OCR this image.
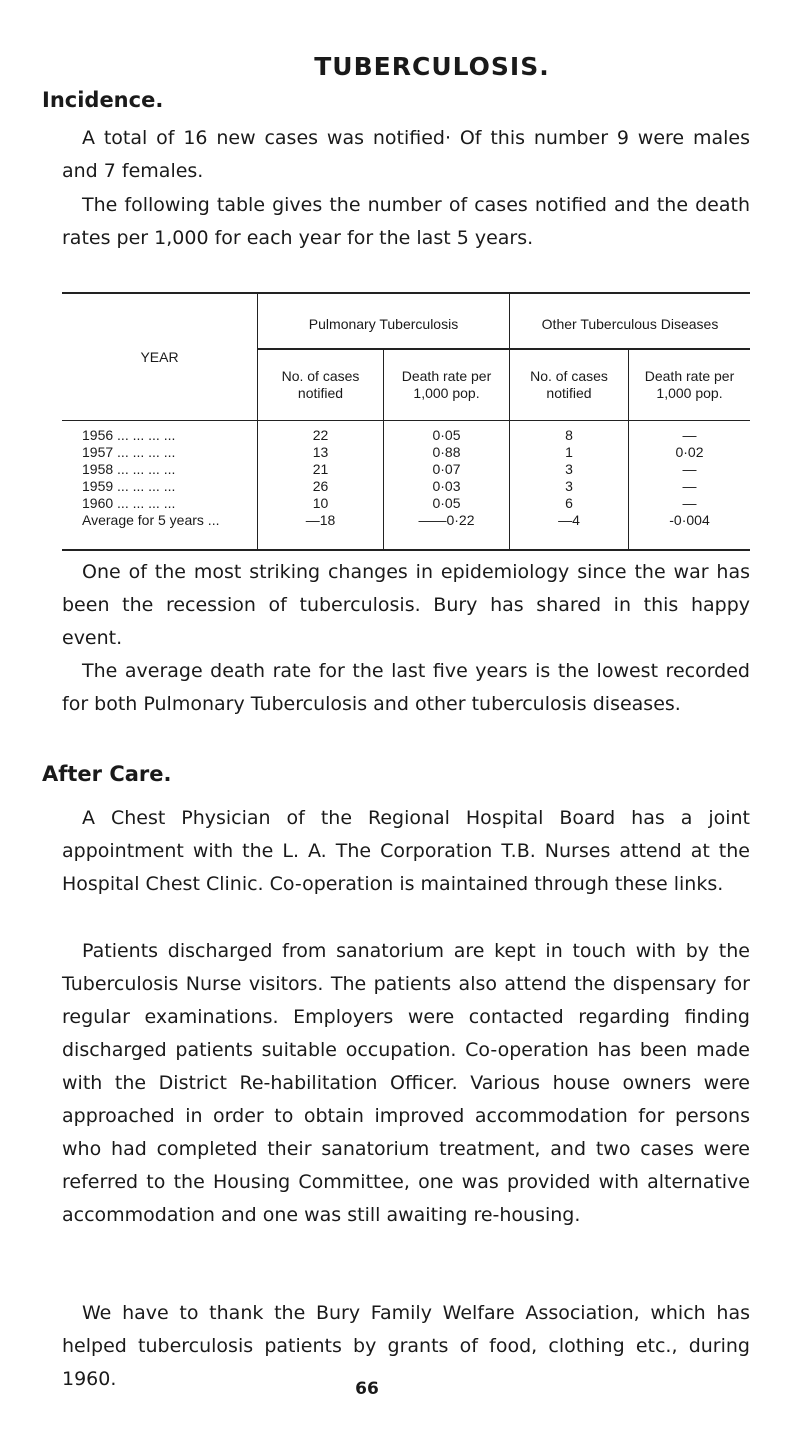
TUBERCULOSIS.
Incidence.

A total of 16 new cases was notified· Of this number 9 were males and 7 females.

The following table gives the number of cases notified and the death rates per 1,000 for each year for the last 5 years.

YEAR	Pulmonary Tuberculosis		Other Tuberculous Diseases	
	No. of cases notified	Death rate per 1,000 pop.	No. of cases notified	Death rate per 1,000 pop.
1956 ... ... ... ...	22	0·05	8	—
1957 ... ... ... ...	13	0·88	1	0·02
1958 ... ... ... ...	21	0·07	3	—
1959 ... ... ... ...	26	0·03	3	—
1960 ... ... ... ...	10	0·05	6	—
Average for 5 years ...	—18	——0·22	—4	-0·004

One of the most striking changes in epidemiology since the war has been the recession of tuberculosis. Bury has shared in this happy event.

The average death rate for the last five years is the lowest recorded for both Pulmonary Tuberculosis and other tuberculosis diseases.

After Care.

A Chest Physician of the Regional Hospital Board has a joint appointment with the L. A. The Corporation T.B. Nurses attend at the Hospital Chest Clinic. Co-operation is maintained through these links.

Patients discharged from sanatorium are kept in touch with by the Tuberculosis Nurse visitors. The patients also attend the dispensary for regular examinations. Employers were contacted regarding finding discharged patients suitable occupation. Co-operation has been made with the District Re-habilitation Officer. Various house owners were approached in order to obtain improved accommodation for persons who had completed their sanatorium treatment, and two cases were referred to the Housing Committee, one was provided with alternative accommodation and one was still awaiting re-housing.

We have to thank the Bury Family Welfare Association, which has helped tuberculosis patients by grants of food, clothing etc., during 1960.	66
